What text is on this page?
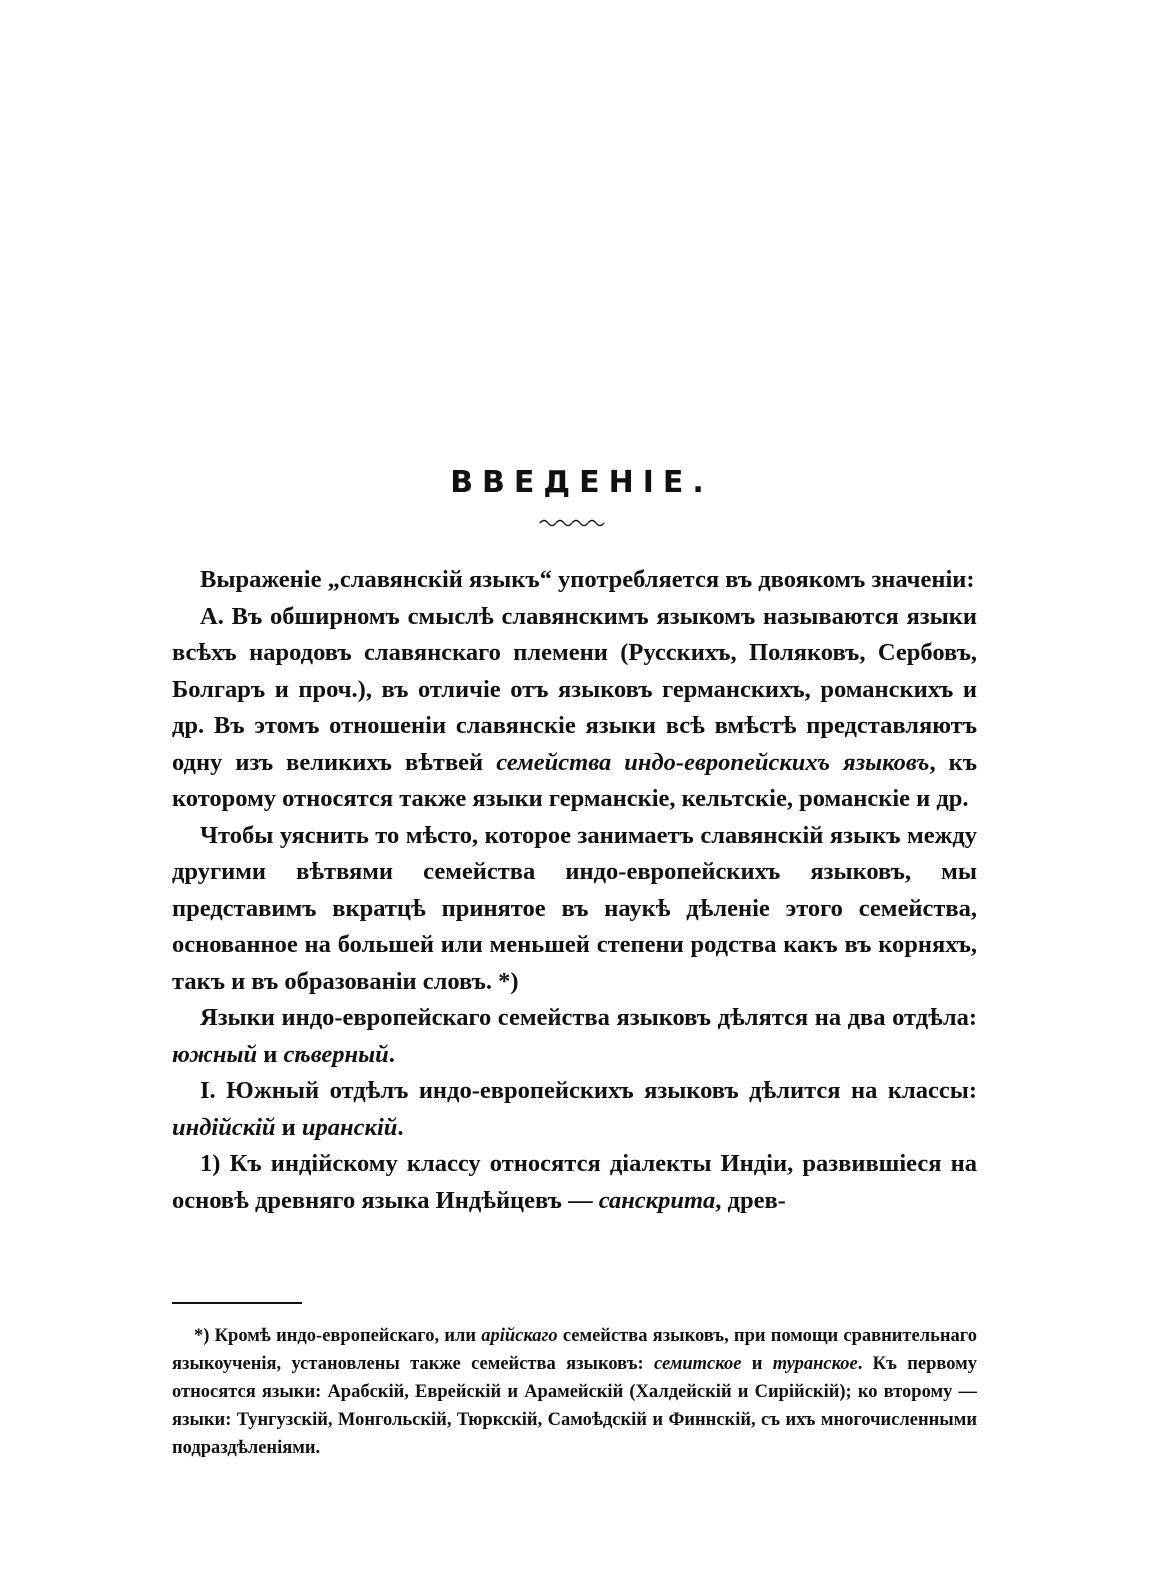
ВВЕДЕНІЕ.

Выраженіе „славянскій языкъ“ употребляется въ двоякомъ значеніи:

А. Въ обширномъ смыслѣ славянскимъ языкомъ называются языки всѣхъ народовъ славянскаго племени (Русскихъ, Поляковъ, Сербовъ, Болгаръ и проч.), въ отличіе отъ языковъ германскихъ, романскихъ и др. Въ этомъ отношеніи славянскіе языки всѣ вмѣстѣ представляютъ одну изъ великихъ вѣтвей семейства индо-европейскихъ языковъ, къ которому относятся также языки германскіе, кельтскіе, романскіе и др.

Чтобы уяснить то мѣсто, которое занимаетъ славянскій языкъ между другими вѣтвями семейства индо-европейскихъ языковъ, мы представимъ вкратцѣ принятое въ наукѣ дѣленіе этого семейства, основанное на большей или меньшей степени родства какъ въ корняхъ, такъ и въ образованіи словъ. *)

Языки индо-европейскаго семейства языковъ дѣлятся на два отдѣла: южный и сѣверный.

I. Южный отдѣлъ индо-европейскихъ языковъ дѣлится на классы: индійскій и иранскій.

1) Къ индійскому классу относятся діалекты Индіи, развившіеся на основѣ древняго языка Индѣйцевъ — санскрита, древ-

*) Кромѣ индо-европейскаго, или арійскаго семейства языковъ, при помощи сравнительнаго языкоученія, установлены также семейства языковъ: семитское и туранское. Къ первому относятся языки: Арабскій, Еврейскій и Арамейскій (Халдейскій и Сирійскій); ко второму — языки: Тунгузскій, Монгольскій, Тюркскій, Самоѣдскій и Финнскій, съ ихъ многочисленными подраздѣленіями.
